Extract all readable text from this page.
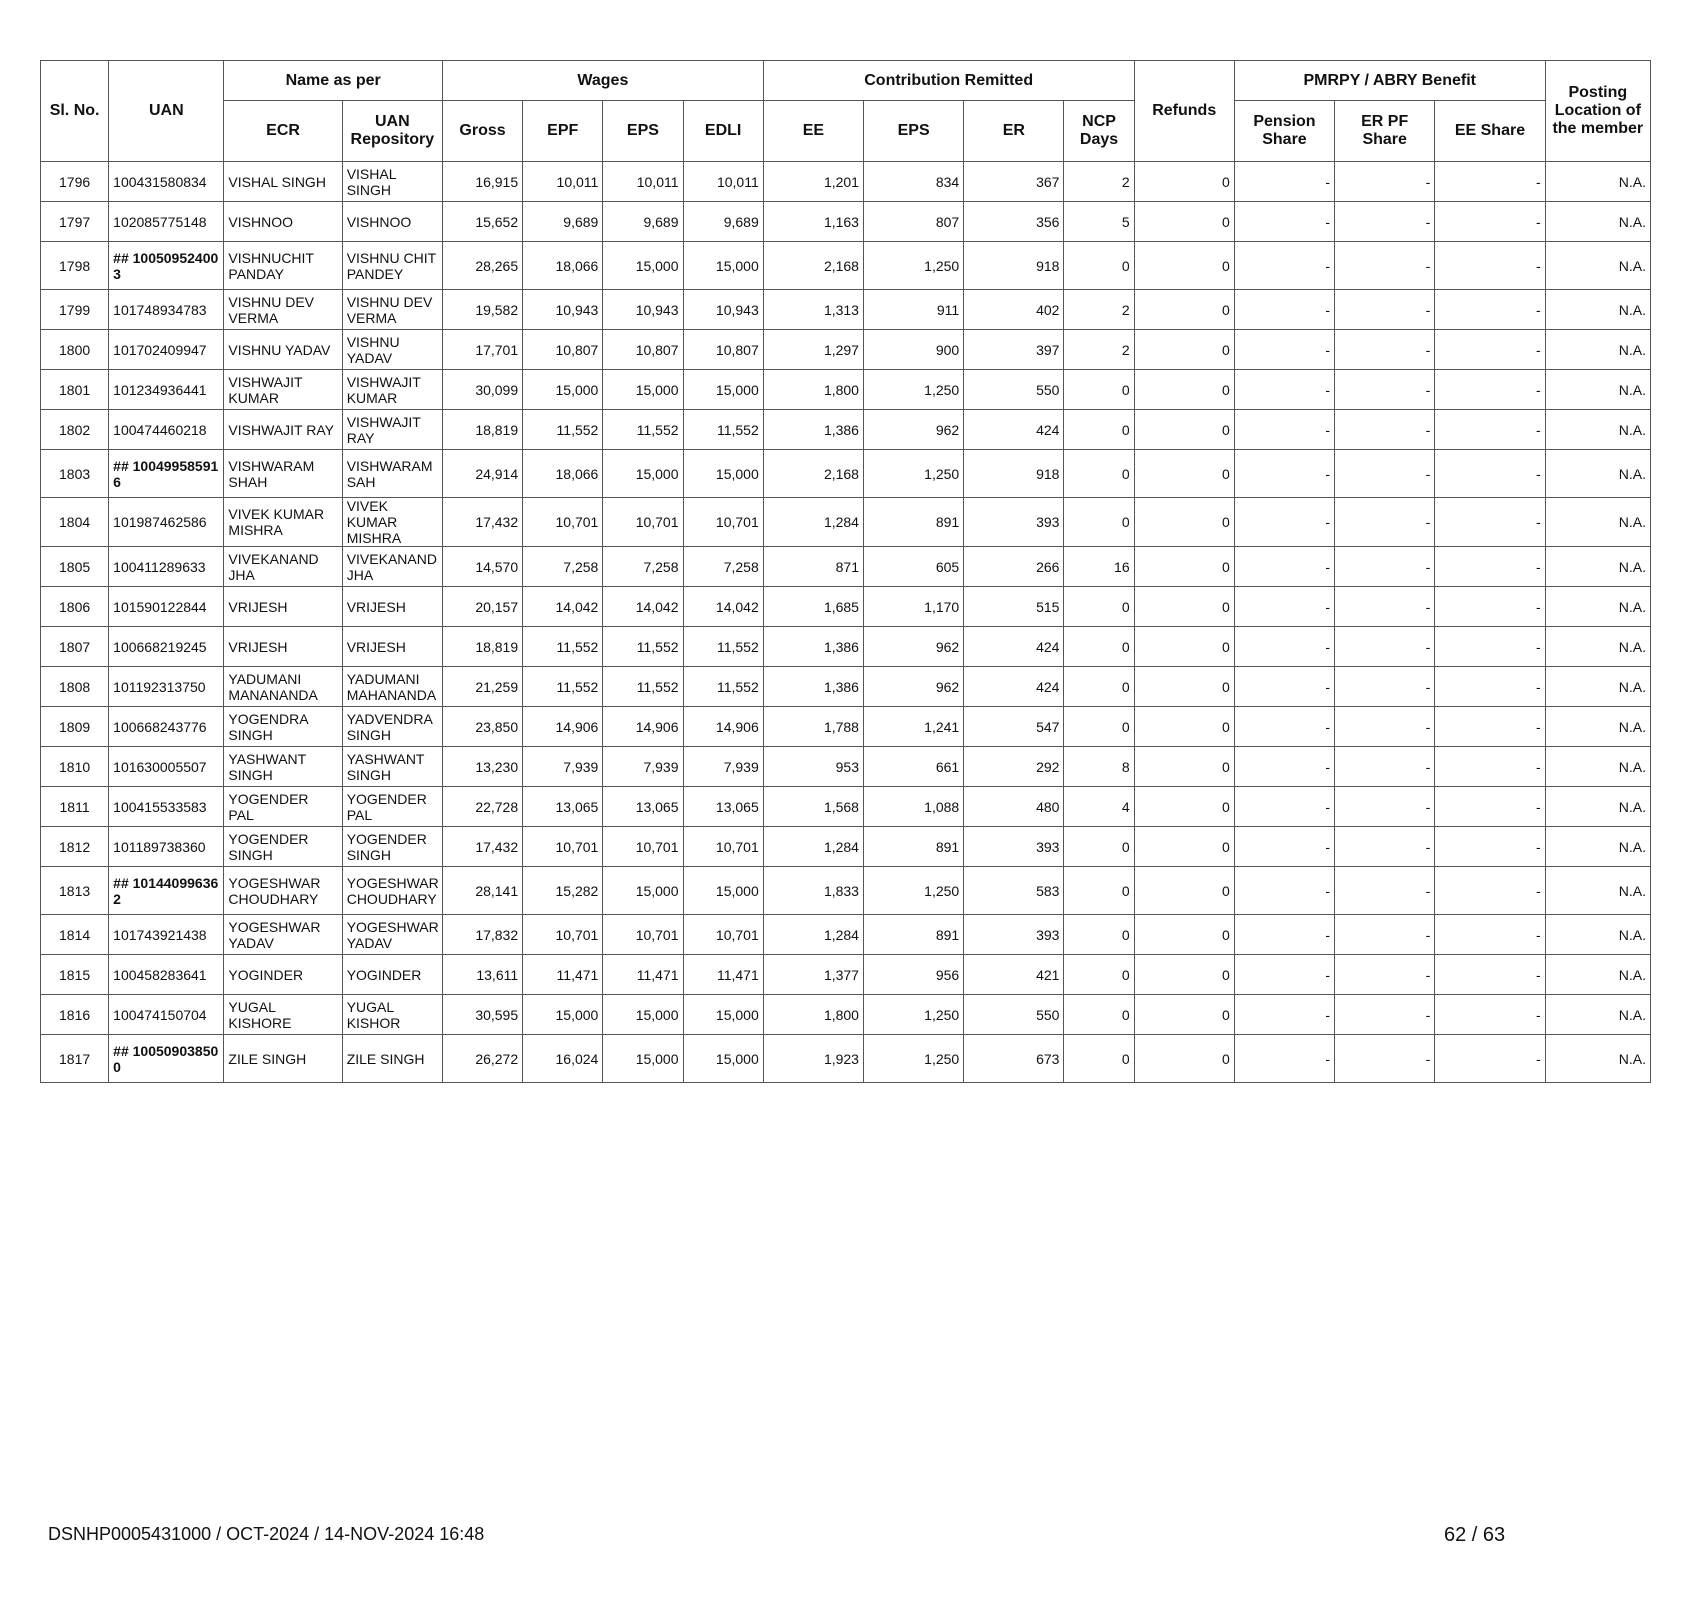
Sl. No.	UAN	Name as per		Wages				Contribution Remitted				Refunds	PMRPY / ABRY Benefit			Posting Location of the member
		ECR	UAN Repository	Gross	EPF	EPS	EDLI	EE	EPS	ER	NCP Days		Pension Share	ER PF Share	EE Share	
1796	100431580834	VISHAL SINGH	VISHAL SINGH	16,915	10,011	10,011	10,011	1,201	834	367	2	0	-	-	-	N.A.
1797	102085775148	VISHNOO	VISHNOO	15,652	9,689	9,689	9,689	1,163	807	356	5	0	-	-	-	N.A.
1798	## 10050952400 3	VISHNUCHIT PANDAY	VISHNU CHIT PANDEY	28,265	18,066	15,000	15,000	2,168	1,250	918	0	0	-	-	-	N.A.
1799	101748934783	VISHNU DEV VERMA	VISHNU DEV VERMA	19,582	10,943	10,943	10,943	1,313	911	402	2	0	-	-	-	N.A.
1800	101702409947	VISHNU YADAV	VISHNU YADAV	17,701	10,807	10,807	10,807	1,297	900	397	2	0	-	-	-	N.A.
1801	101234936441	VISHWAJIT KUMAR	VISHWAJIT KUMAR	30,099	15,000	15,000	15,000	1,800	1,250	550	0	0	-	-	-	N.A.
1802	100474460218	VISHWAJIT RAY	VISHWAJIT RAY	18,819	11,552	11,552	11,552	1,386	962	424	0	0	-	-	-	N.A.
1803	## 10049958591 6	VISHWARAM SHAH	VISHWARAM SAH	24,914	18,066	15,000	15,000	2,168	1,250	918	0	0	-	-	-	N.A.
1804	101987462586	VIVEK KUMAR MISHRA	VIVEK KUMAR MISHRA	17,432	10,701	10,701	10,701	1,284	891	393	0	0	-	-	-	N.A.
1805	100411289633	VIVEKANAND JHA	VIVEKANAND JHA	14,570	7,258	7,258	7,258	871	605	266	16	0	-	-	-	N.A.
1806	101590122844	VRIJESH	VRIJESH	20,157	14,042	14,042	14,042	1,685	1,170	515	0	0	-	-	-	N.A.
1807	100668219245	VRIJESH	VRIJESH	18,819	11,552	11,552	11,552	1,386	962	424	0	0	-	-	-	N.A.
1808	101192313750	YADUMANI MANANANDA	YADUMANI MAHANANDA	21,259	11,552	11,552	11,552	1,386	962	424	0	0	-	-	-	N.A.
1809	100668243776	YOGENDRA SINGH	YADVENDRA SINGH	23,850	14,906	14,906	14,906	1,788	1,241	547	0	0	-	-	-	N.A.
1810	101630005507	YASHWANT SINGH	YASHWANT SINGH	13,230	7,939	7,939	7,939	953	661	292	8	0	-	-	-	N.A.
1811	100415533583	YOGENDER PAL	YOGENDER PAL	22,728	13,065	13,065	13,065	1,568	1,088	480	4	0	-	-	-	N.A.
1812	101189738360	YOGENDER SINGH	YOGENDER SINGH	17,432	10,701	10,701	10,701	1,284	891	393	0	0	-	-	-	N.A.
1813	## 10144099636 2	YOGESHWAR CHOUDHARY	YOGESHWAR CHOUDHARY	28,141	15,282	15,000	15,000	1,833	1,250	583	0	0	-	-	-	N.A.
1814	101743921438	YOGESHWAR YADAV	YOGESHWAR YADAV	17,832	10,701	10,701	10,701	1,284	891	393	0	0	-	-	-	N.A.
1815	100458283641	YOGINDER	YOGINDER	13,611	11,471	11,471	11,471	1,377	956	421	0	0	-	-	-	N.A.
1816	100474150704	YUGAL KISHORE	YUGAL KISHOR	30,595	15,000	15,000	15,000	1,800	1,250	550	0	0	-	-	-	N.A.
1817	## 10050903850 0	ZILE SINGH	ZILE SINGH	26,272	16,024	15,000	15,000	1,923	1,250	673	0	0	-	-	-	N.A.
DSNHP0005431000 / OCT-2024 / 14-NOV-2024 16:48	62 / 63
